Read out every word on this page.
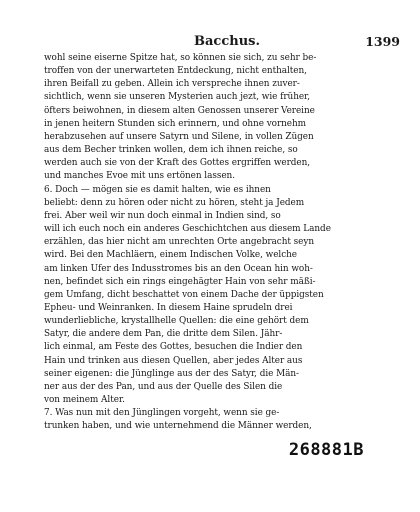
Bacchus.	1399
wohl seine eiserne Spitze hat, so können sie sich, zu sehr be-
troffen von der unerwarteten Entdeckung, nicht enthalten,
ihren Beifall zu geben. Allein ich verspreche ihnen zuver-
sichtlich, wenn sie unseren Mysterien auch jezt, wie früher,
öfters beiwohnen, in diesem alten Genossen unserer Vereine
in jenen heitern Stunden sich erinnern, und ohne vornehm
herabzusehen auf unsere Satyrn und Silene, in vollen Zügen
aus dem Becher trinken wollen, dem ich ihnen reiche, so
werden auch sie von der Kraft des Gottes ergriffen werden,
und manches Evoe mit uns ertönen lassen.
6. Doch — mögen sie es damit halten, wie es ihnen
beliebt: denn zu hören oder nicht zu hören, steht ja Jedem
frei. Aber weil wir nun doch einmal in Indien sind, so
will ich euch noch ein anderes Geschichtchen aus diesem Lande
erzählen, das hier nicht am unrechten Orte angebracht seyn
wird. Bei den Machläern, einem Indischen Volke, welche
am linken Ufer des Indusstromes bis an den Ocean hin woh-
nen, befindet sich ein rings eingehägter Hain von sehr mäßi-
gem Umfang, dicht beschattet von einem Dache der üppigsten
Epheu- und Weinranken. In diesem Haine sprudeln drei
wunderliebliche, krystallhelle Quellen: die eine gehört dem
Satyr, die andere dem Pan, die dritte dem Silen. Jähr-
lich einmal, am Feste des Gottes, besuchen die Indier den
Hain und trinken aus diesen Quellen, aber jedes Alter aus
seiner eigenen: die Jünglinge aus der des Satyr, die Män-
ner aus der des Pan, und aus der Quelle des Silen die
von meinem Alter.
7. Was nun mit den Jünglingen vorgeht, wenn sie ge-
trunken haben, und wie unternehmend die Männer werden,
268881B
